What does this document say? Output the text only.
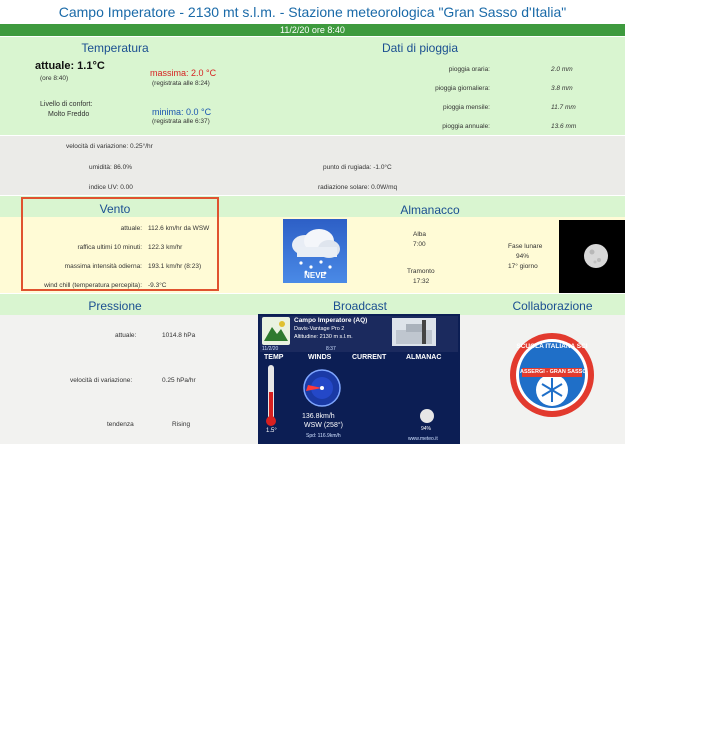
Campo Imperatore - 2130 mt s.l.m. - Stazione meteorologica "Gran Sasso d'Italia"
11/2/20 ore 8:40
Temperatura	Dati di pioggia
attuale: 1.1°C
(ore 8:40)
massima: 2.0 °C
(registrata alle 8:24)
Livello di confort:
Molto Freddo	minima: 0.0 °C
(registrata alle 6:37)
pioggia oraria:	2.0 mm
pioggia giornaliera:	3.8 mm
pioggia mensile:	11.7 mm
pioggia annuale:	13.6 mm
velocità di variazione: 0.25°/hr
umidità: 86.0%	punto di rugiada: -1.0°C
indice UV: 0.00	radiazione solare: 0.0W/mq
Vento	Almanacco
attuale: 112.6 km/hr da WSW
raffica ultimi 10 minuti: 122.3 km/hr
massima intensità odierna: 193.1 km/hr (8:23)
wind chill (temperatura percepita): -9.3°C
NEVE
Alba
7:00
Tramonto
17:32
Fase lunare
94%
17° giorno
Pressione	Broadcast	Collaborazione
attuale:	1014.8 hPa
velocità di variazione:	0.25 hPa/hr
tendenza	Rising
Campo Imperatore (AQ)
Davis-Vantage Pro 2
Altitudine: 2130 m s.l.m.
11/2/20	8:37
TEMP	WINDS	CURRENT	ALMANAC
1.5°
136.8km/h
WSW (258°)
Spd: 116.9km/h
Humidity 84.0%
Dew Point -1.0°C
Wind Chill -9.3°C
Barom 1014.8hPa
Rain Today 3.8mm
Rain Rate 2.0mm
Monthly 11.7mm
Yearly 13.6mm
Sunrise 7:00
Sunset 17:32
Moonrise 19:43
Moonset 8:08
Moon Day 17
94%
www.meteo.it
SCUOLA ITALIANA SCI
ASSERGI - GRAN SASSO
